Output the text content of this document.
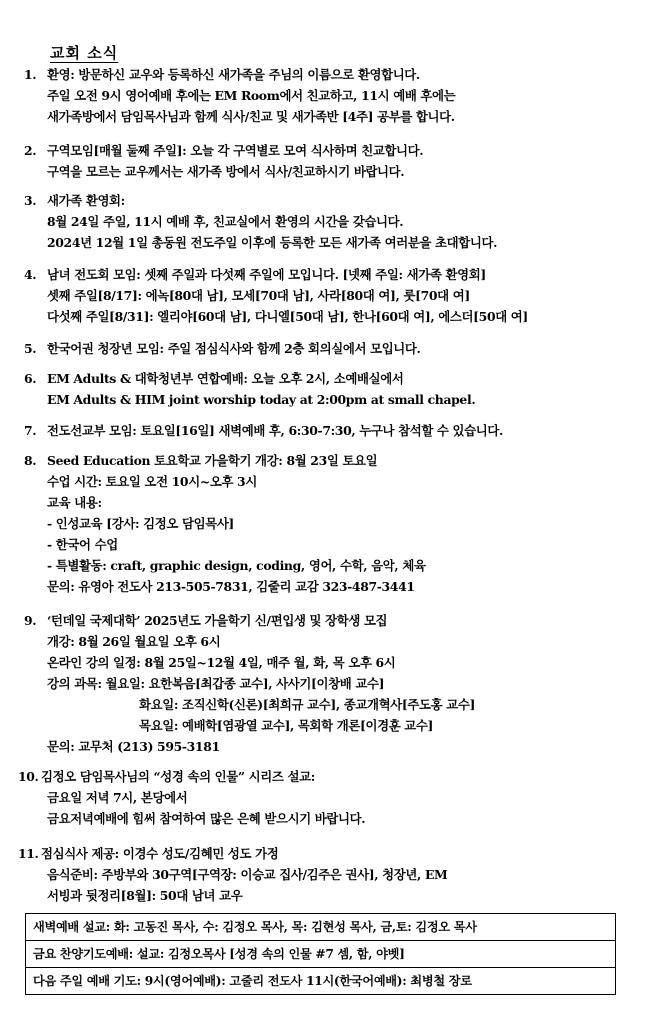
교회 소식
1. 환영: 방문하신 교우와 등록하신 새가족을 주님의 이름으로 환영합니다.
주일 오전 9시 영어예배 후에는 EM Room에서 친교하고, 11시 예배 후에는
새가족방에서 담임목사님과 함께 식사/친교 및 새가족반 [4주] 공부를 합니다.
2. 구역모임[매월 둘째 주일]: 오늘 각 구역별로 모여 식사하며 친교합니다.
구역을 모르는 교우께서는 새가족 방에서 식사/친교하시기 바랍니다.
3. 새가족 환영회:
8월 24일 주일, 11시 예배 후, 친교실에서 환영의 시간을 갖습니다.
2024년 12월 1일 총동원 전도주일 이후에 등록한 모든 새가족 여러분을 초대합니다.
4. 남녀 전도회 모임: 셋째 주일과 다섯째 주일에 모입니다. [넷째 주일: 새가족 환영회]
셋째 주일[8/17]: 에녹[80대 남], 모세[70대 남], 사라[80대 여], 룻[70대 여]
다섯째 주일[8/31]: 엘리야[60대 남], 다니엘[50대 남], 한나[60대 여], 에스더[50대 여]
5. 한국어권 청장년 모임: 주일 점심식사와 함께 2층 회의실에서 모입니다.
6. EM Adults & 대학청년부 연합예배: 오늘 오후 2시, 소예배실에서
EM Adults & HIM joint worship today at 2:00pm at small chapel.
7. 전도선교부 모임: 토요일[16일] 새벽예배 후, 6:30-7:30, 누구나 참석할 수 있습니다.
8. Seed Education 토요학교 가을학기 개강: 8월 23일 토요일
수업 시간: 토요일 오전 10시~오후 3시
교육 내용:
- 인성교육 [강사: 김정오 담임목사]
- 한국어 수업
- 특별활동: craft, graphic design, coding, 영어, 수학, 음악, 체육
문의: 유영아 전도사 213-505-7831, 김줄리 교감 323-487-3441
9. ‘턴데일 국제대학’ 2025년도 가을학기 신/편입생 및 장학생 모집
개강: 8월 26일 월요일 오후 6시
온라인 강의 일정: 8월 25일~12월 4일, 매주 월, 화, 목 오후 6시
강의 과목: 월요일: 요한복음[최갑종 교수], 사사기[이창배 교수]
화요일: 조직신학(신론)[최희규 교수], 종교개혁사[주도홍 교수]
목요일: 예배학[염광열 교수], 목회학 개론[이경훈 교수]
문의: 교무처 (213) 595-3181
10. 김정오 담임목사님의 “성경 속의 인물” 시리즈 설교:
금요일 저녁 7시, 본당에서
금요저녁예배에 힘써 참여하여 많은 은혜 받으시기 바랍니다.
11. 점심식사 제공: 이경수 성도/김혜민 성도 가정
음식준비: 주방부와 30구역[구역장: 이승교 집사/김주은 권사], 청장년, EM
서빙과 뒷정리[8월]: 50대 남녀 교우
새벽예배 설교: 화: 고동진 목사, 수: 김정오 목사, 목: 김현성 목사, 금,토: 김정오 목사
금요 찬양기도예배: 설교: 김정오목사 [성경 속의 인물 #7 셈, 함, 야벳]
다음 주일 예배 기도: 9시(영어예배): 고줄리 전도사 11시(한국어예배): 최병철 장로
